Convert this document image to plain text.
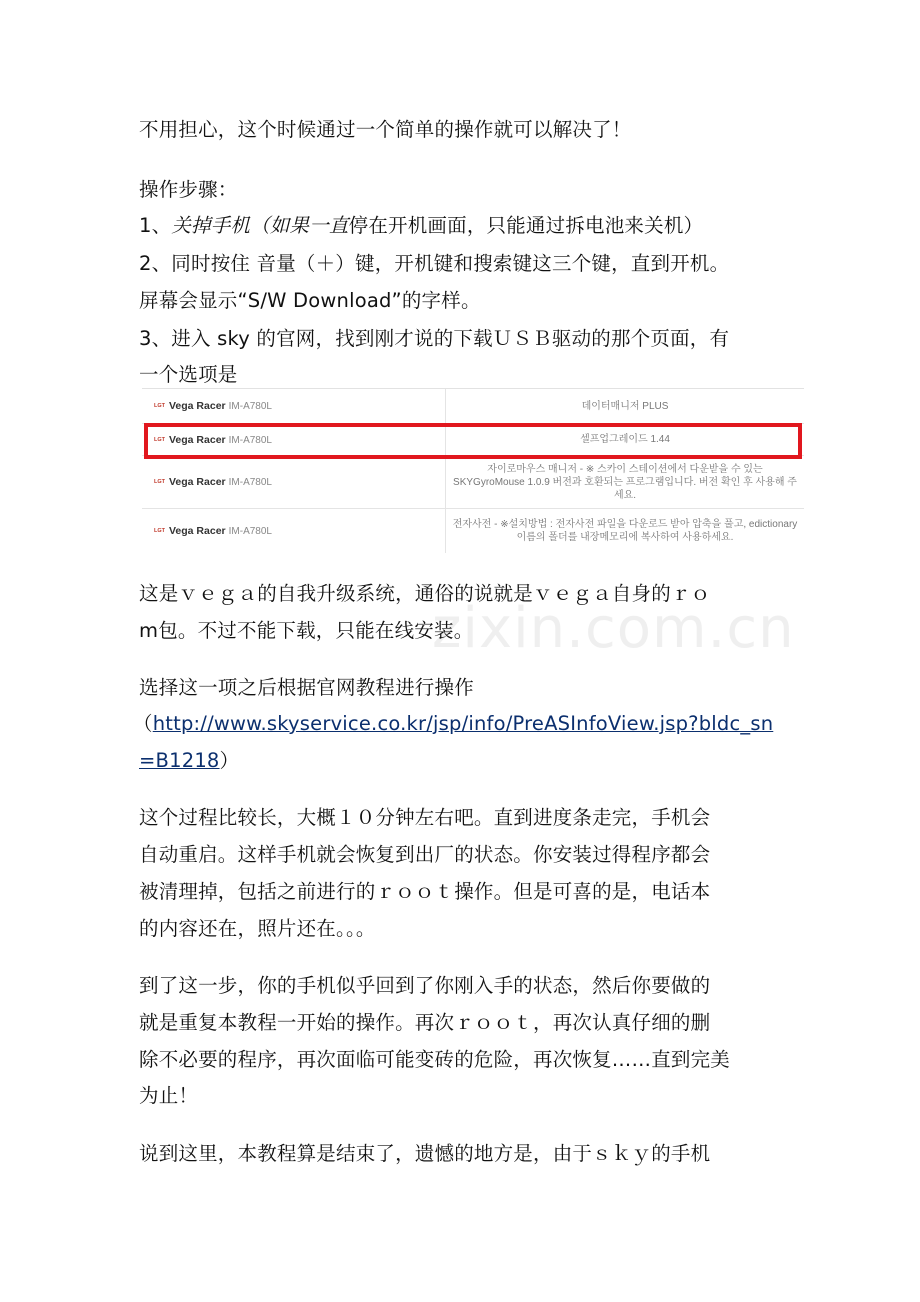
zixin.com.cn
不用担心，这个时候通过一个简单的操作就可以解决了！
操作步骤：
1、关掉手机（如果一直停在开机画面，只能通过拆电池来关机）
2、同时按住 音量（＋）键，开机键和搜索键这三个键，直到开机。
屏幕会显示“S/W Download”的字样。
3、进入 sky 的官网，找到刚才说的下载ＵＳＢ驱动的那个页面，有
一个选项是
LGT Vega Racer IM-A780L	데이터매니저 PLUS
LGT Vega Racer IM-A780L	셀프업그레이드 1.44
LGT Vega Racer IM-A780L
자이로마우스 매니저 - ※ 스카이 스테이션에서 다운받을 수 있는 SKYGyroMouse 1.0.9 버전과 호환되는 프로그램입니다. 버전 확인 후 사용해 주세요.
LGT Vega Racer IM-A780L
전자사전 - ※설치방법 : 전자사전 파일을 다운로드 받아 압축을 풀고, edictionary이름의 폴더를 내장메모리에 복사하여 사용하세요.
这是ｖｅｇａ的自我升级系统，通俗的说就是ｖｅｇａ自身的ｒｏ
m包。不过不能下载，只能在线安装。
选择这一项之后根据官网教程进行操作
（http://www.skyservice.co.kr/jsp/info/PreASInfoView.jsp?bldc_sn
=B1218）
这个过程比较长，大概１０分钟左右吧。直到进度条走完，手机会
自动重启。这样手机就会恢复到出厂的状态。你安装过得程序都会
被清理掉，包括之前进行的ｒｏｏｔ操作。但是可喜的是，电话本
的内容还在，照片还在。。。
到了这一步，你的手机似乎回到了你刚入手的状态，然后你要做的
就是重复本教程一开始的操作。再次ｒｏｏｔ，再次认真仔细的删
除不必要的程序，再次面临可能变砖的危险，再次恢复……直到完美
为止！
说到这里，本教程算是结束了，遗憾的地方是，由于ｓｋｙ的手机
